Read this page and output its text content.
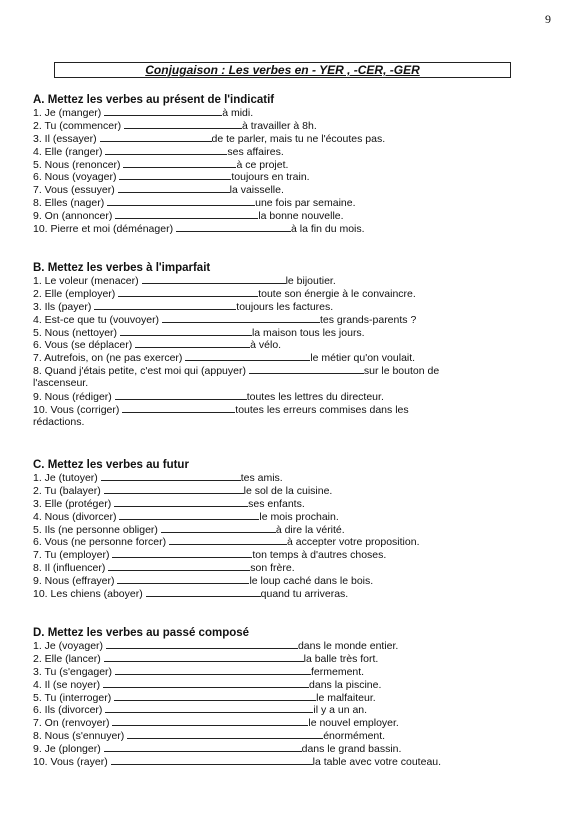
9
Conjugaison : Les verbes en - YER , -CER, -GER
A. Mettez les verbes au présent de l'indicatif
1. Je (manger)	à midi.
2. Tu (commencer)	à travailler à 8h.
3. Il (essayer)	de te parler, mais tu ne l'écoutes pas.
4. Elle (ranger)	ses affaires.
5. Nous (renoncer)	à ce projet.
6. Nous (voyager)	toujours en train.
7. Vous (essuyer)	la vaisselle.
8. Elles (nager)	une fois par semaine.
9. On (annoncer)	la bonne nouvelle.
10. Pierre et moi (déménager)	à la fin du mois.
B. Mettez les verbes à l'imparfait
1. Le voleur (menacer)	le bijoutier.
2. Elle (employer)	toute son énergie à le convaincre.
3. Ils (payer)	toujours les factures.
4. Est-ce que tu (vouvoyer)	tes grands-parents ?
5. Nous (nettoyer)	la maison tous les jours.
6. Vous (se déplacer)	à vélo.
7. Autrefois, on (ne pas exercer)	le métier qu'on voulait.
8. Quand j'étais petite, c'est moi qui (appuyer)	sur le bouton de
l'ascenseur.
9. Nous (rédiger)	toutes les lettres du directeur.
10. Vous (corriger)	toutes les erreurs commises dans les
rédactions.
C. Mettez les verbes au futur
1. Je (tutoyer)	tes amis.
2. Tu (balayer)	le sol de la cuisine.
3. Elle (protéger)	ses enfants.
4. Nous (divorcer)	le mois prochain.
5. Ils (ne personne obliger)	à dire la vérité.
6. Vous (ne personne forcer)	à accepter votre proposition.
7. Tu (employer)	ton temps à d'autres choses.
8. Il (influencer)	son frère.
9. Nous (effrayer)	le loup caché dans le bois.
10. Les chiens (aboyer)	quand tu arriveras.
D. Mettez les verbes au passé composé
1. Je (voyager)	dans le monde entier.
2. Elle (lancer)	la balle très fort.
3. Tu (s'engager)	fermement.
4. Il (se noyer)	dans la piscine.
5. Tu (interroger)	le malfaiteur.
6. Ils (divorcer)	il y a un an.
7. On (renvoyer)	le nouvel employer.
8. Nous (s'ennuyer)	énormément.
9. Je (plonger)	dans le grand bassin.
10. Vous (rayer)	la table avec votre couteau.
